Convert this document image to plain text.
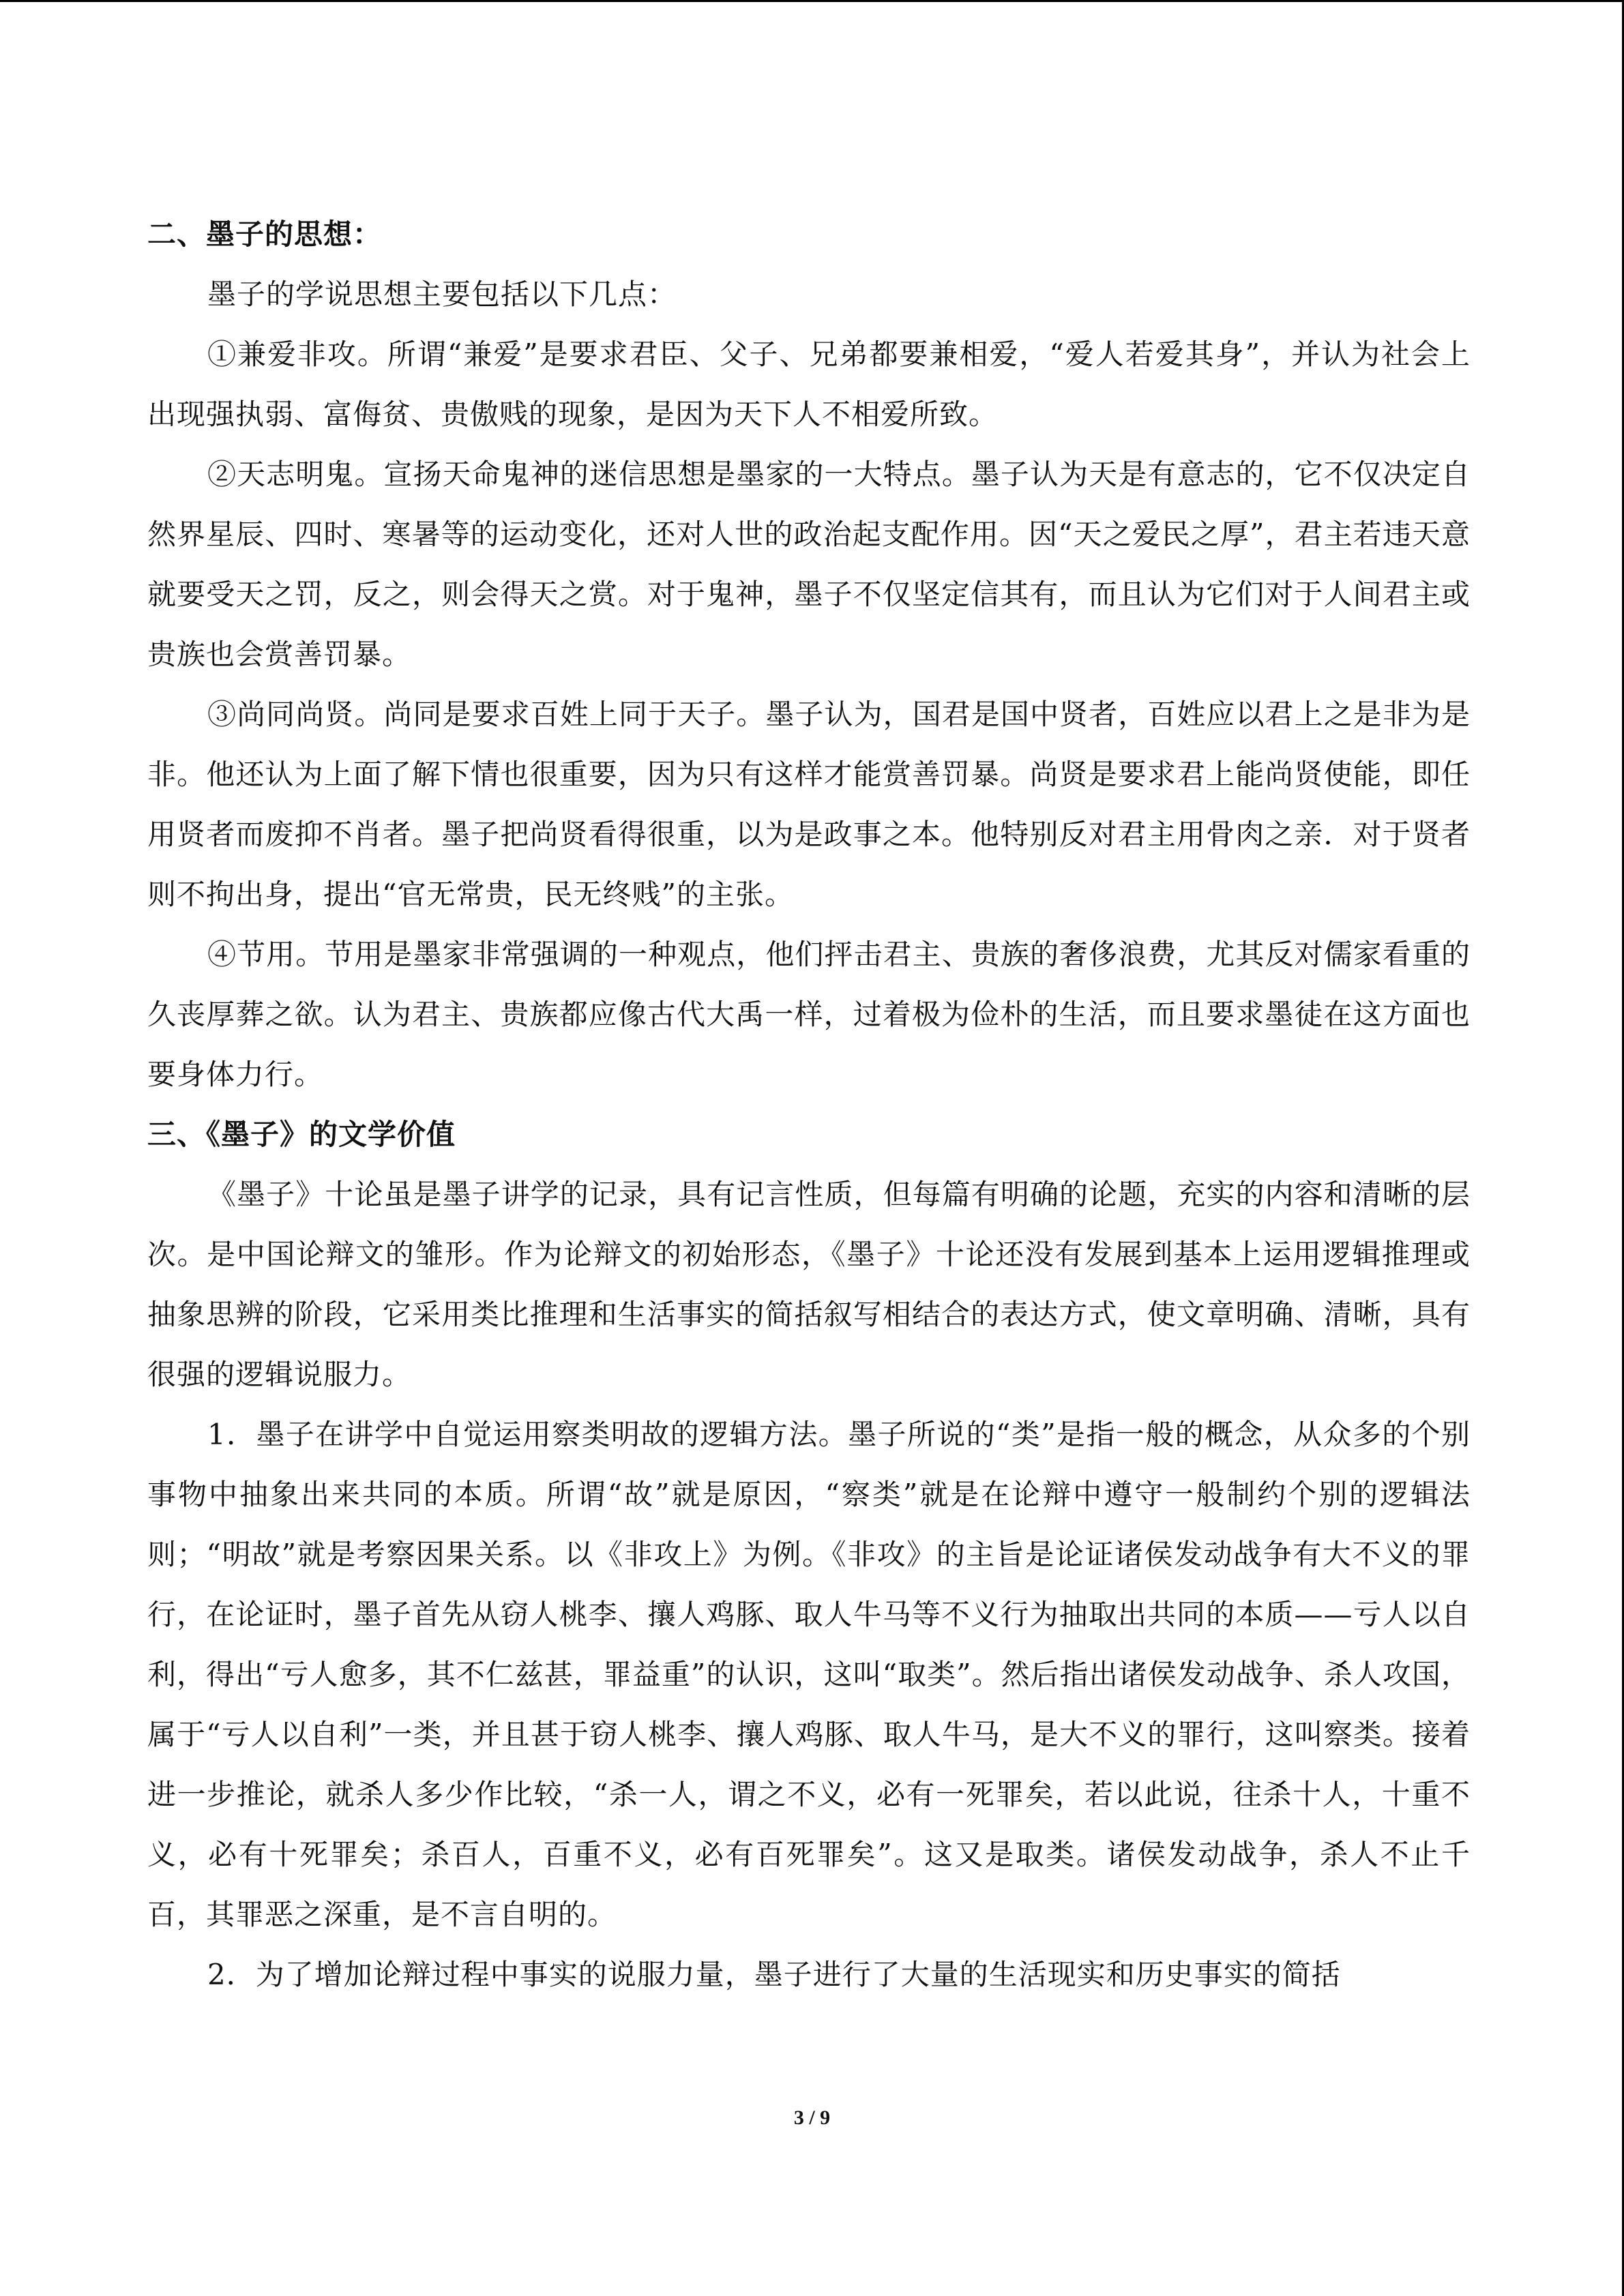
二、墨子的思想：

墨子的学说思想主要包括以下几点：

①兼爱非攻。所谓“兼爱”是要求君臣、父子、兄弟都要兼相爱，“爱人若爱其身”，并认为社会上出现强执弱、富侮贫、贵傲贱的现象，是因为天下人不相爱所致。

②天志明鬼。宣扬天命鬼神的迷信思想是墨家的一大特点。墨子认为天是有意志的，它不仅决定自然界星辰、四时、寒暑等的运动变化，还对人世的政治起支配作用。因“天之爱民之厚”，君主若违天意就要受天之罚，反之，则会得天之赏。对于鬼神，墨子不仅坚定信其有，而且认为它们对于人间君主或贵族也会赏善罚暴。

③尚同尚贤。尚同是要求百姓上同于天子。墨子认为，国君是国中贤者，百姓应以君上之是非为是非。他还认为上面了解下情也很重要，因为只有这样才能赏善罚暴。尚贤是要求君上能尚贤使能，即任用贤者而废抑不肖者。墨子把尚贤看得很重，以为是政事之本。他特别反对君主用骨肉之亲．对于贤者则不拘出身，提出“官无常贵，民无终贱”的主张。

④节用。节用是墨家非常强调的一种观点，他们抨击君主、贵族的奢侈浪费，尤其反对儒家看重的久丧厚葬之欲。认为君主、贵族都应像古代大禹一样，过着极为俭朴的生活，而且要求墨徒在这方面也要身体力行。

三、《墨子》的文学价值

《墨子》十论虽是墨子讲学的记录，具有记言性质，但每篇有明确的论题，充实的内容和清晰的层次。是中国论辩文的雏形。作为论辩文的初始形态，《墨子》十论还没有发展到基本上运用逻辑推理或抽象思辨的阶段，它采用类比推理和生活事实的简括叙写相结合的表达方式，使文章明确、清晰，具有很强的逻辑说服力。

1．墨子在讲学中自觉运用察类明故的逻辑方法。墨子所说的“类”是指一般的概念，从众多的个别事物中抽象出来共同的本质。所谓“故”就是原因，“察类”就是在论辩中遵守一般制约个别的逻辑法则；“明故”就是考察因果关系。以《非攻上》为例。《非攻》的主旨是论证诸侯发动战争有大不义的罪行，在论证时，墨子首先从窃人桃李、攘人鸡豚、取人牛马等不义行为抽取出共同的本质——亏人以自利，得出“亏人愈多，其不仁兹甚，罪益重”的认识，这叫“取类”。然后指出诸侯发动战争、杀人攻国，属于“亏人以自利”一类，并且甚于窃人桃李、攘人鸡豚、取人牛马，是大不义的罪行，这叫察类。接着进一步推论，就杀人多少作比较，“杀一人，谓之不义，必有一死罪矣，若以此说，往杀十人，十重不义，必有十死罪矣；杀百人，百重不义，必有百死罪矣”。这又是取类。诸侯发动战争，杀人不止千百，其罪恶之深重，是不言自明的。

2．为了增加论辩过程中事实的说服力量，墨子进行了大量的生活现实和历史事实的简括

3 / 9
